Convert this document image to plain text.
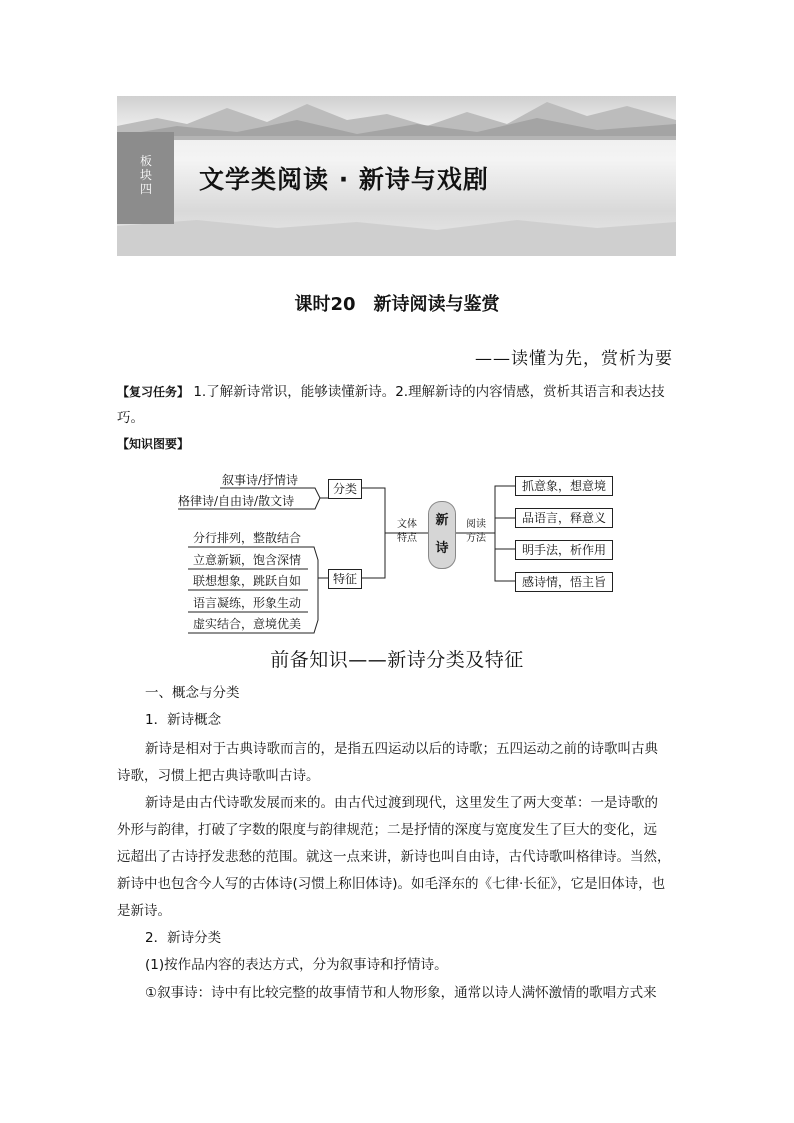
板块四 文学类阅读 · 新诗与戏剧
课时20　新诗阅读与鉴赏
——读懂为先，赏析为要
【复习任务】 1.了解新诗常识，能够读懂新诗。2.理解新诗的内容情感，赏析其语言和表达技
巧。
【知识图要】
叙事诗/抒情诗
格律诗/自由诗/散文诗
分类
分行排列，整散结合
立意新颖，饱含深情
联想想象，跳跃自如
语言凝练，形象生动
虚实结合，意境优美
特征
文体
特点
阅读
方法
新
诗
抓意象，想意境
品语言，释意义
明手法，析作用
感诗情，悟主旨
前备知识——新诗分类及特征
一、概念与分类
1．新诗概念
新诗是相对于古典诗歌而言的，是指五四运动以后的诗歌；五四运动之前的诗歌叫古典
诗歌，习惯上把古典诗歌叫古诗。
新诗是由古代诗歌发展而来的。由古代过渡到现代，这里发生了两大变革：一是诗歌的
外形与韵律，打破了字数的限度与韵律规范；二是抒情的深度与宽度发生了巨大的变化，远
远超出了古诗抒发悲愁的范围。就这一点来讲，新诗也叫自由诗，古代诗歌叫格律诗。当然，
新诗中也包含今人写的古体诗(习惯上称旧体诗)。如毛泽东的《七律·长征》，它是旧体诗，也
是新诗。
2．新诗分类
(1)按作品内容的表达方式，分为叙事诗和抒情诗。
①叙事诗：诗中有比较完整的故事情节和人物形象，通常以诗人满怀激情的歌唱方式来
